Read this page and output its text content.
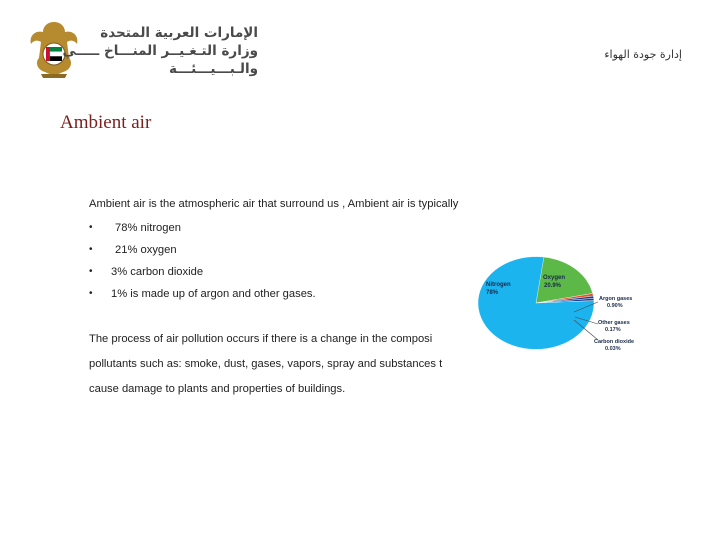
الإمارات العربية المتحدة
وزارة التـغـيــر المنـــاخ ـــــي
والـبـــيـــئـــة
إدارة جودة الهواء
Ambient air
Ambient air is the atmospheric air that surround us , Ambient air is typically
• 78% nitrogen
• 21% oxygen
• 3% carbon dioxide
• 1% is made up of argon and other gases.
The process of air pollution occurs if there is a change in the composi
pollutants such as: smoke, dust, gases, vapors, spray and substances t
cause damage to plants and properties of buildings.
Nitrogen
78%
Oxygen
20.9%
Argon gases
0.90%
Other gases
0.17%
Carbon dioxide
0.03%
